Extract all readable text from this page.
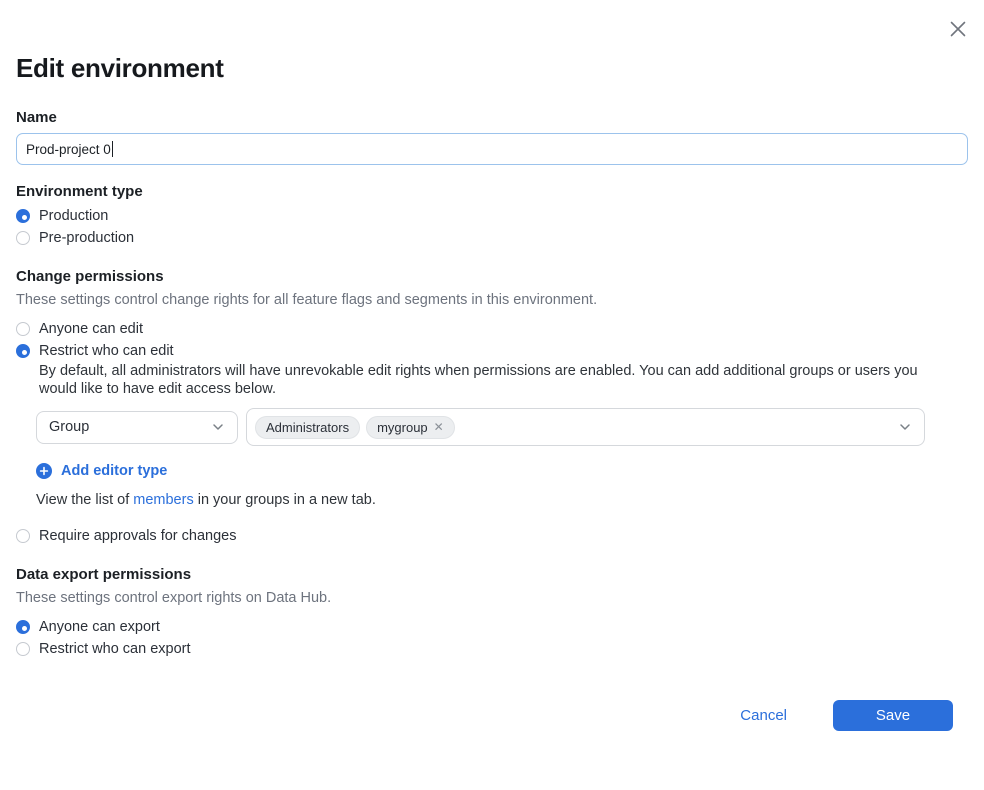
Edit environment
Name
Prod-project 0
Environment type
Production
Pre-production
Change permissions
These settings control change rights for all feature flags and segments in this environment.
Anyone can edit
Restrict who can edit
By default, all administrators will have unrevokable edit rights when permissions are enabled. You can add additional groups or users you would like to have edit access below.
Group	Administrators mygroup ✕
Add editor type
View the list of members in your groups in a new tab.
Require approvals for changes
Data export permissions
These settings control export rights on Data Hub.
Anyone can export
Restrict who can export
Cancel	Save
